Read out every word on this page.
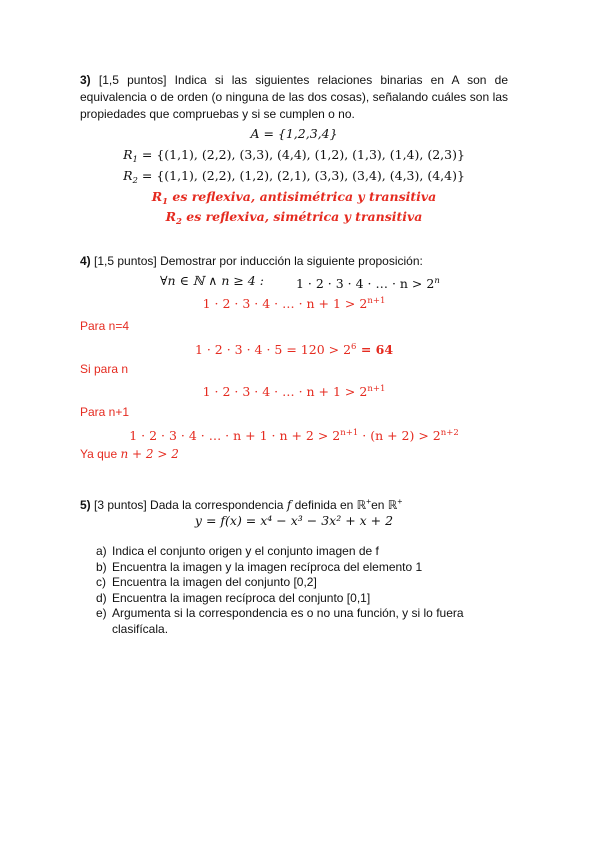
3) [1,5 puntos] Indica si las siguientes relaciones binarias en A son de equivalencia o de orden (o ninguna de las dos cosas), señalando cuáles son las propiedades que compruebas y si se cumplen o no.
A = {1,2,3,4}
$R_1 = \{(1,1)$, (2,2), (3,3), (4,4), (1,2), (1,3), (1,4), (2,3)}
$R_2 = \{(1,1)$, (2,2), (1,2), (2,1), (3,3), (3,4), (4,3), (4,4)}
$R_1$ es reflexiva, antisimétrica y transitiva
$R_2$ es reflexiva, simétrica y transitiva
4) [1,5 puntos] Demostrar por inducción la siguiente proposición:
∀n ∈ ℕ ∧ n ≥ 4 :	1 · 2 · 3 · 4 · … · $n > 2^n$
1 · 2 · 3 · 4 · … · $n + 1 > 2^{n+1}$
Para n=4
$1 \cdot 2 \cdot 3 \cdot 4 \cdot 5 = 120 > 2^6 = 64$
Si para n
1 · 2 · 3 · 4 · … · $n + 1 > 2^{n+1}$
Para n+1
1 · 2 · 3 · 4 · … · $n + 1 \cdot n + 2 > 2^{n+1} \cdot (n + 2) > 2^{n+2}$
Ya que n + 2 > 2
5) [3 puntos] Dada la correspondencia f definida en ℝ+en ℝ+
y = f(x) = x⁴ − x³ − 3x² + x + 2
a) Indica el conjunto origen y el conjunto imagen de f
b) Encuentra la imagen y la imagen recíproca del elemento 1
c) Encuentra la imagen del conjunto [0,2]
d) Encuentra la imagen recíproca del conjunto [0,1]
e) Argumenta si la correspondencia es o no una función, y si lo fuera clasifícala.
